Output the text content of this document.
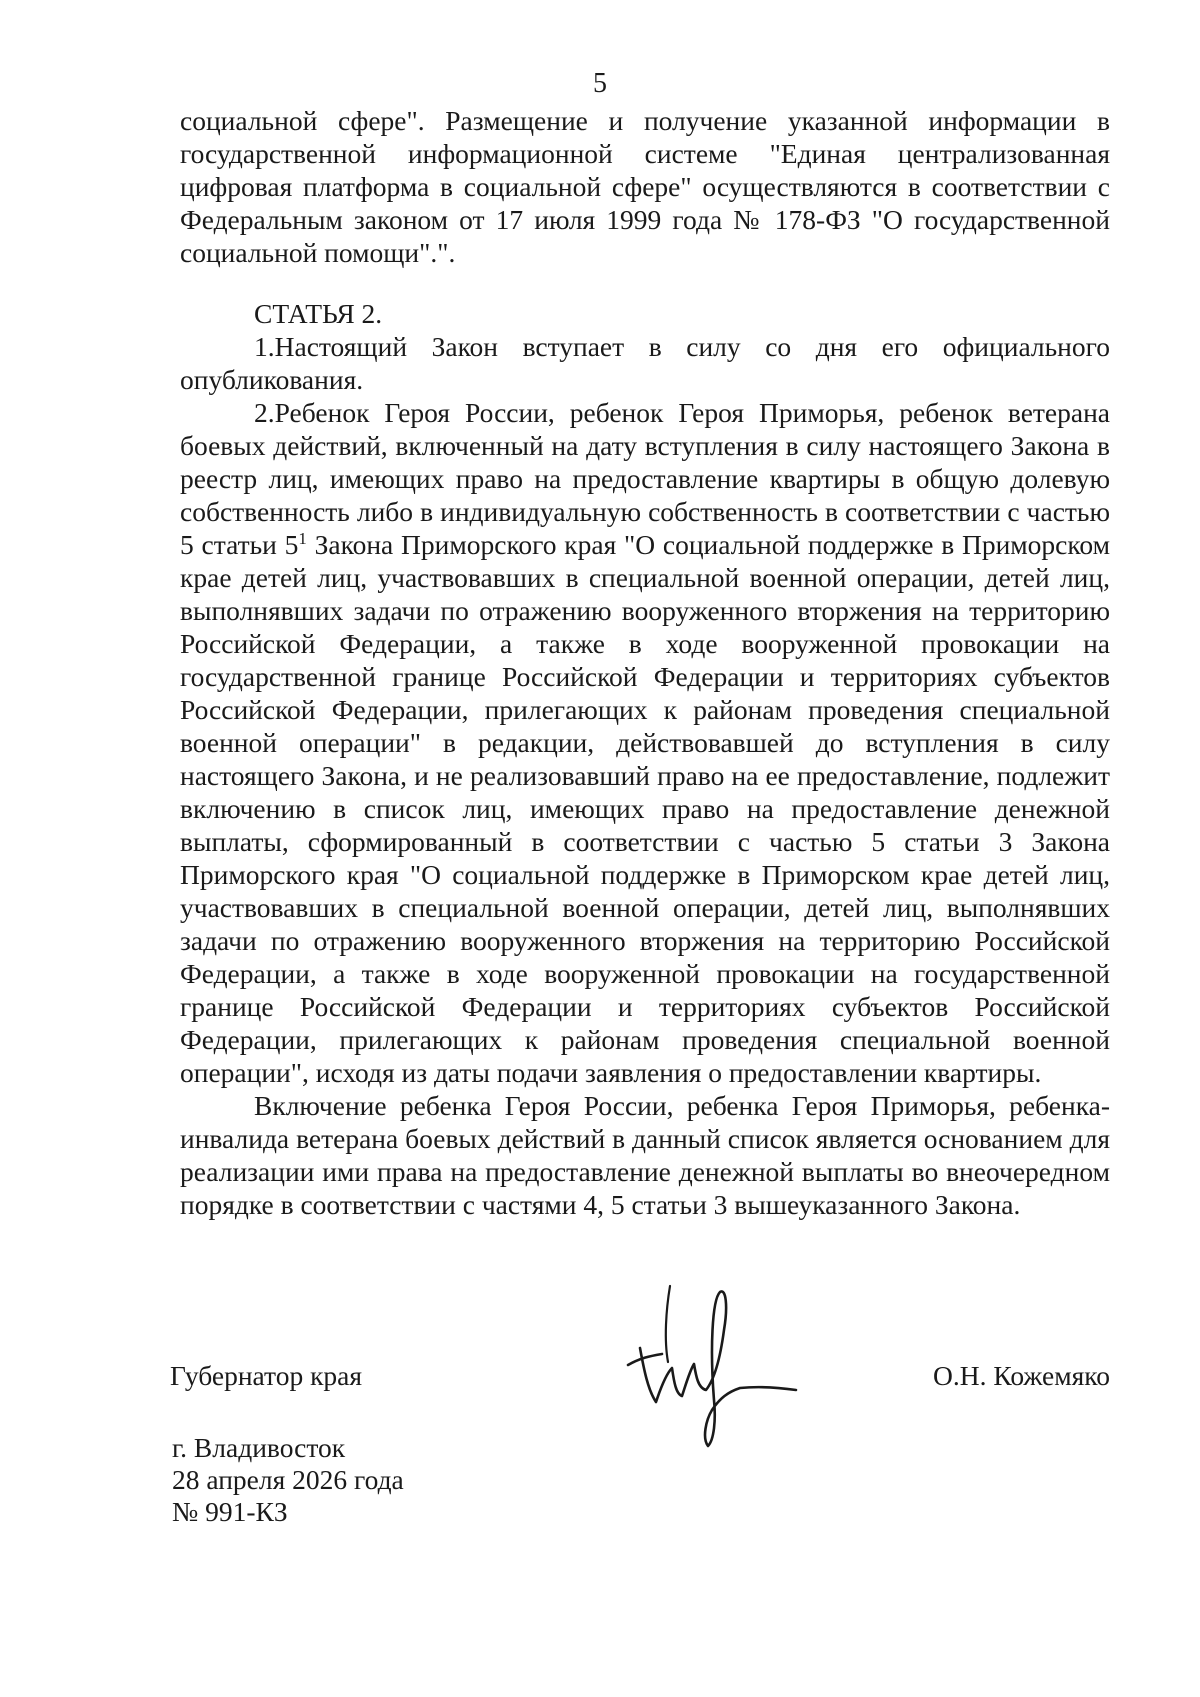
5

социальной сфере". Размещение и получение указанной информации в государственной информационной системе "Единая централизованная цифровая платформа в социальной сфере" осуществляются в соответствии с Федеральным законом от 17 июля 1999 года № 178-ФЗ "О государственной социальной помощи".".

СТАТЬЯ 2.

1.Настоящий Закон вступает в силу со дня его официального опубликования.

2.Ребенок Героя России, ребенок Героя Приморья, ребенок ветерана боевых действий, включенный на дату вступления в силу настоящего Закона в реестр лиц, имеющих право на предоставление квартиры в общую долевую собственность либо в индивидуальную собственность в соответствии с частью 5 статьи $5^1$ Закона Приморского края "О социальной поддержке в Приморском крае детей лиц, участвовавших в специальной военной операции, детей лиц, выполнявших задачи по отражению вооруженного вторжения на территорию Российской Федерации, а также в ходе вооруженной провокации на государственной границе Российской Федерации и территориях субъектов Российской Федерации, прилегающих к районам проведения специальной военной операции" в редакции, действовавшей до вступления в силу настоящего Закона, и не реализовавший право на ее предоставление, подлежит включению в список лиц, имеющих право на предоставление денежной выплаты, сформированный в соответствии с частью 5 статьи 3 Закона Приморского края "О социальной поддержке в Приморском крае детей лиц, участвовавших в специальной военной операции, детей лиц, выполнявших задачи по отражению вооруженного вторжения на территорию Российской Федерации, а также в ходе вооруженной провокации на государственной границе Российской Федерации и территориях субъектов Российской Федерации, прилегающих к районам проведения специальной военной операции", исходя из даты подачи заявления о предоставлении квартиры.

Включение ребенка Героя России, ребенка Героя Приморья, ребенка-инвалида ветерана боевых действий в данный список является основанием для реализации ими права на предоставление денежной выплаты во внеочередном порядке в соответствии с частями 4, 5 статьи 3 вышеуказанного Закона.

Губернатор края	О.Н. Кожемяко
г. Владивосток
28 апреля 2026 года
№ 991-КЗ
